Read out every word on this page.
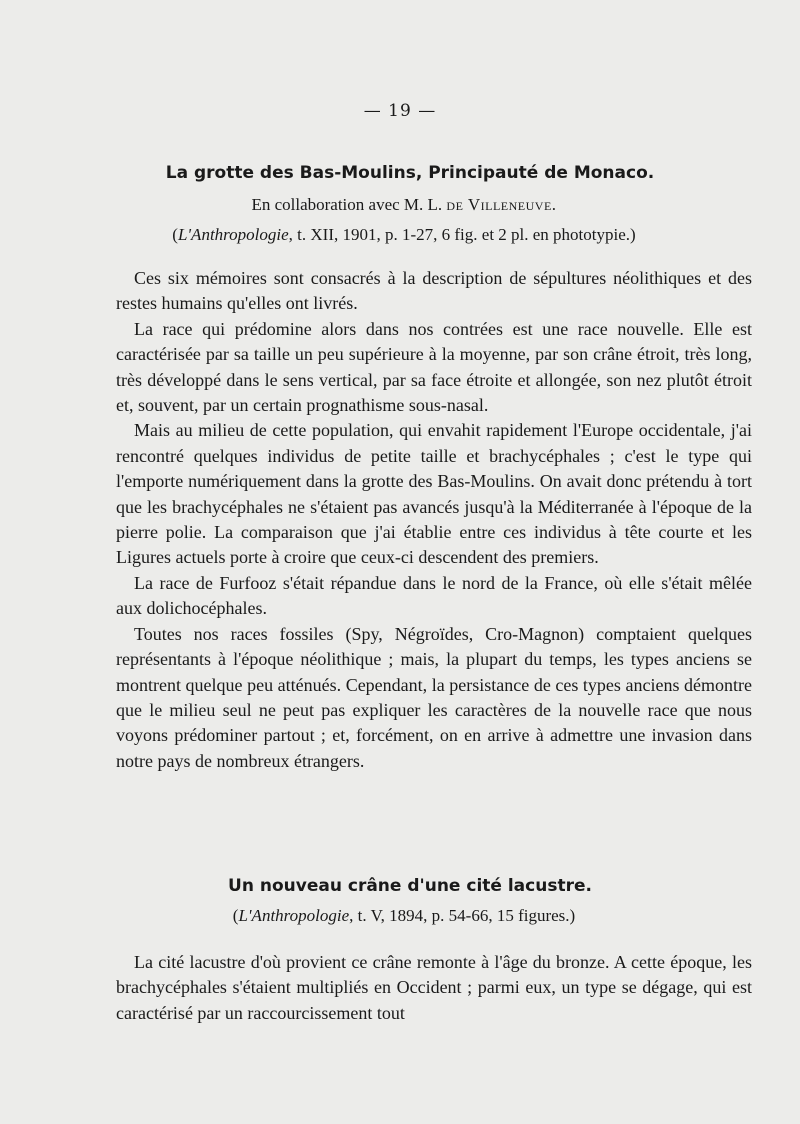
— 19 —
La grotte des Bas-Moulins, Principauté de Monaco.
En collaboration avec M. L. de Villeneuve.
(L'Anthropologie, t. XII, 1901, p. 1-27, 6 fig. et 2 pl. en phototypie.)

Ces six mémoires sont consacrés à la description de sépultures néolithiques et des restes humains qu'elles ont livrés.

La race qui prédomine alors dans nos contrées est une race nouvelle. Elle est caractérisée par sa taille un peu supérieure à la moyenne, par son crâne étroit, très long, très développé dans le sens vertical, par sa face étroite et allongée, son nez plutôt étroit et, souvent, par un certain prognathisme sous-nasal.

Mais au milieu de cette population, qui envahit rapidement l'Europe occidentale, j'ai rencontré quelques individus de petite taille et brachycéphales ; c'est le type qui l'emporte numériquement dans la grotte des Bas-Moulins. On avait donc prétendu à tort que les brachycéphales ne s'étaient pas avancés jusqu'à la Méditerranée à l'époque de la pierre polie. La comparaison que j'ai établie entre ces individus à tête courte et les Ligures actuels porte à croire que ceux-ci descendent des premiers.

La race de Furfooz s'était répandue dans le nord de la France, où elle s'était mêlée aux dolichocéphales.

Toutes nos races fossiles (Spy, Négroïdes, Cro-Magnon) comptaient quelques représentants à l'époque néolithique ; mais, la plupart du temps, les types anciens se montrent quelque peu atténués. Cependant, la persistance de ces types anciens démontre que le milieu seul ne peut pas expliquer les caractères de la nouvelle race que nous voyons prédominer partout ; et, forcément, on en arrive à admettre une invasion dans notre pays de nombreux étrangers.

Un nouveau crâne d'une cité lacustre.
(L'Anthropologie, t. V, 1894, p. 54-66, 15 figures.)

La cité lacustre d'où provient ce crâne remonte à l'âge du bronze. A cette époque, les brachycéphales s'étaient multipliés en Occident ; parmi eux, un type se dégage, qui est caractérisé par un raccourcissement tout
